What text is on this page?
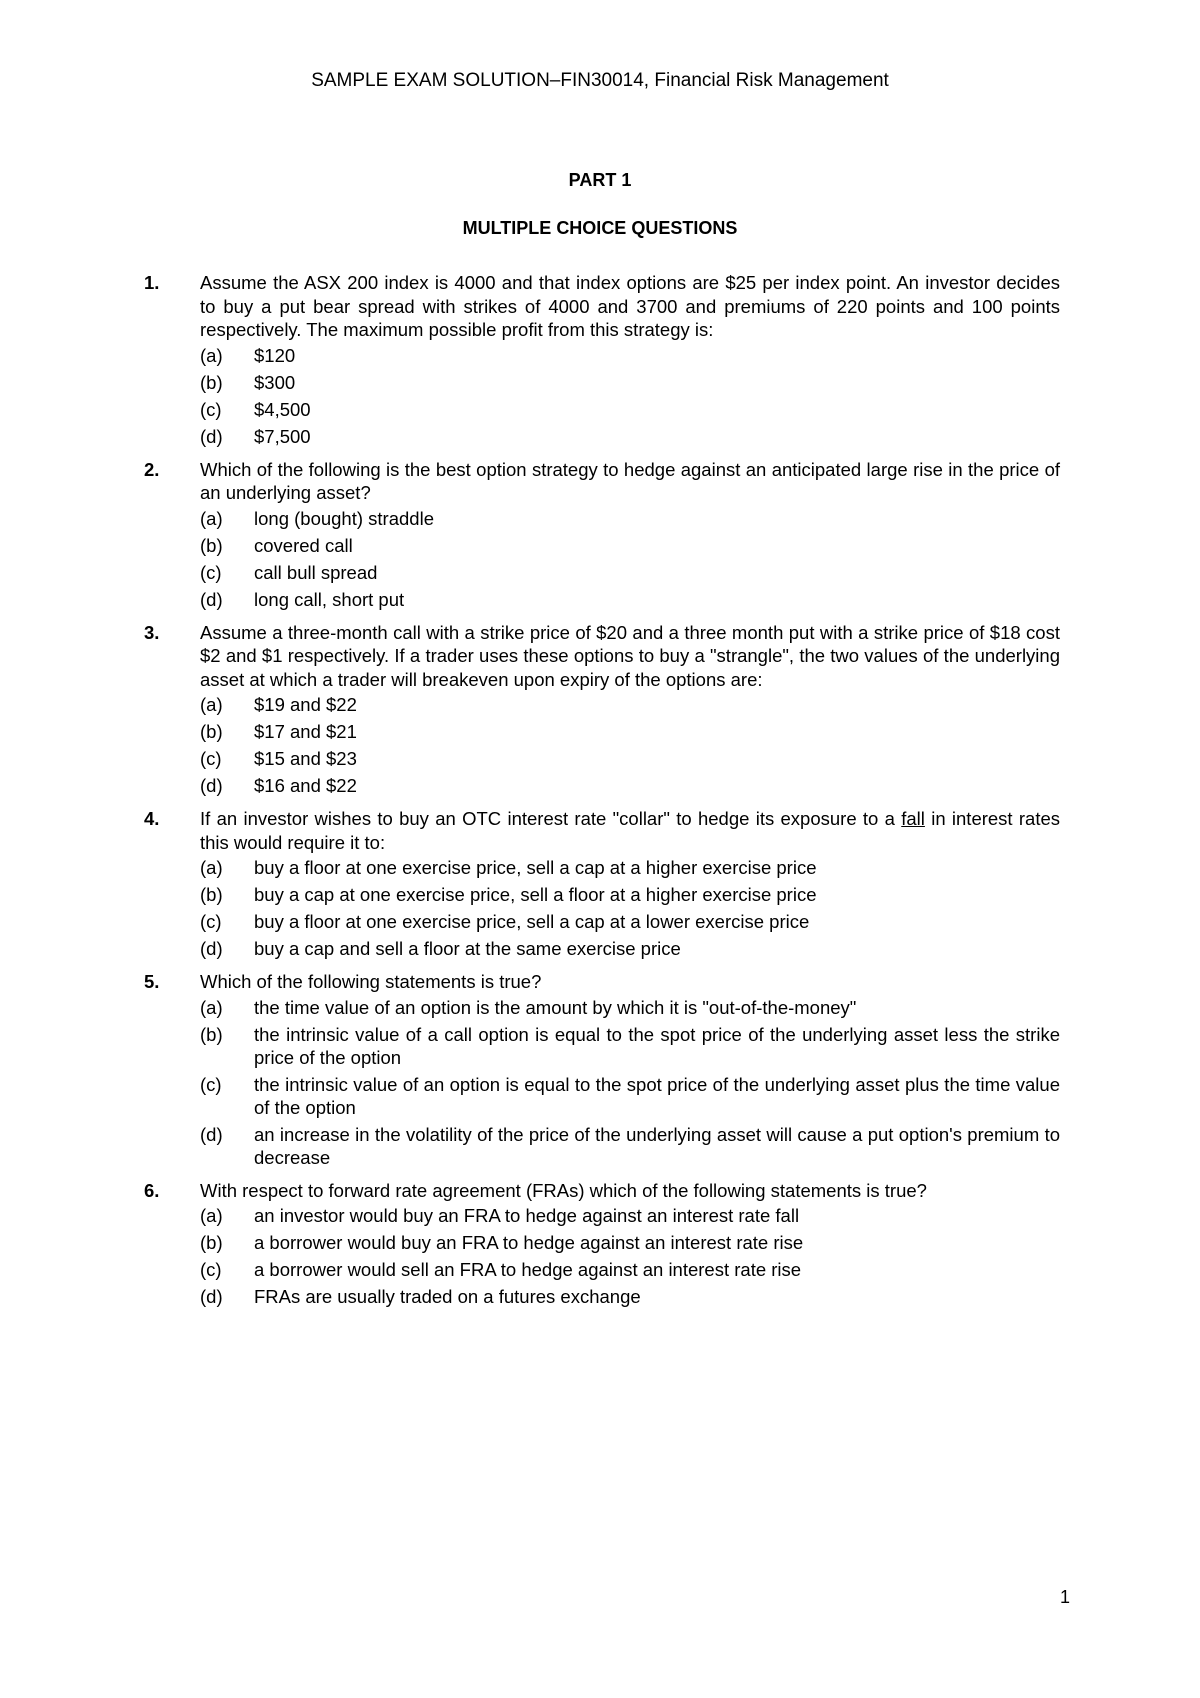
SAMPLE EXAM SOLUTION–FIN30014, Financial Risk Management
PART 1
MULTIPLE CHOICE QUESTIONS
1. Assume the ASX 200 index is 4000 and that index options are $25 per index point. An investor decides to buy a put bear spread with strikes of 4000 and 3700 and premiums of 220 points and 100 points respectively. The maximum possible profit from this strategy is:
(a) $120
(b) $300
(c) $4,500
(d) $7,500
2. Which of the following is the best option strategy to hedge against an anticipated large rise in the price of an underlying asset?
(a) long (bought) straddle
(b) covered call
(c) call bull spread
(d) long call, short put
3. Assume a three-month call with a strike price of $20 and a three month put with a strike price of $18 cost $2 and $1 respectively. If a trader uses these options to buy a "strangle", the two values of the underlying asset at which a trader will breakeven upon expiry of the options are:
(a) $19 and $22
(b) $17 and $21
(c) $15 and $23
(d) $16 and $22
4. If an investor wishes to buy an OTC interest rate "collar" to hedge its exposure to a fall in interest rates this would require it to:
(a) buy a floor at one exercise price, sell a cap at a higher exercise price
(b) buy a cap at one exercise price, sell a floor at a higher exercise price
(c) buy a floor at one exercise price, sell a cap at a lower exercise price
(d) buy a cap and sell a floor at the same exercise price
5. Which of the following statements is true?
(a) the time value of an option is the amount by which it is "out-of-the-money"
(b) the intrinsic value of a call option is equal to the spot price of the underlying asset less the strike price of the option
(c) the intrinsic value of an option is equal to the spot price of the underlying asset plus the time value of the option
(d) an increase in the volatility of the price of the underlying asset will cause a put option's premium to decrease
6. With respect to forward rate agreement (FRAs) which of the following statements is true?
(a) an investor would buy an FRA to hedge against an interest rate fall
(b) a borrower would buy an FRA to hedge against an interest rate rise
(c) a borrower would sell an FRA to hedge against an interest rate rise
(d) FRAs are usually traded on a futures exchange
1
